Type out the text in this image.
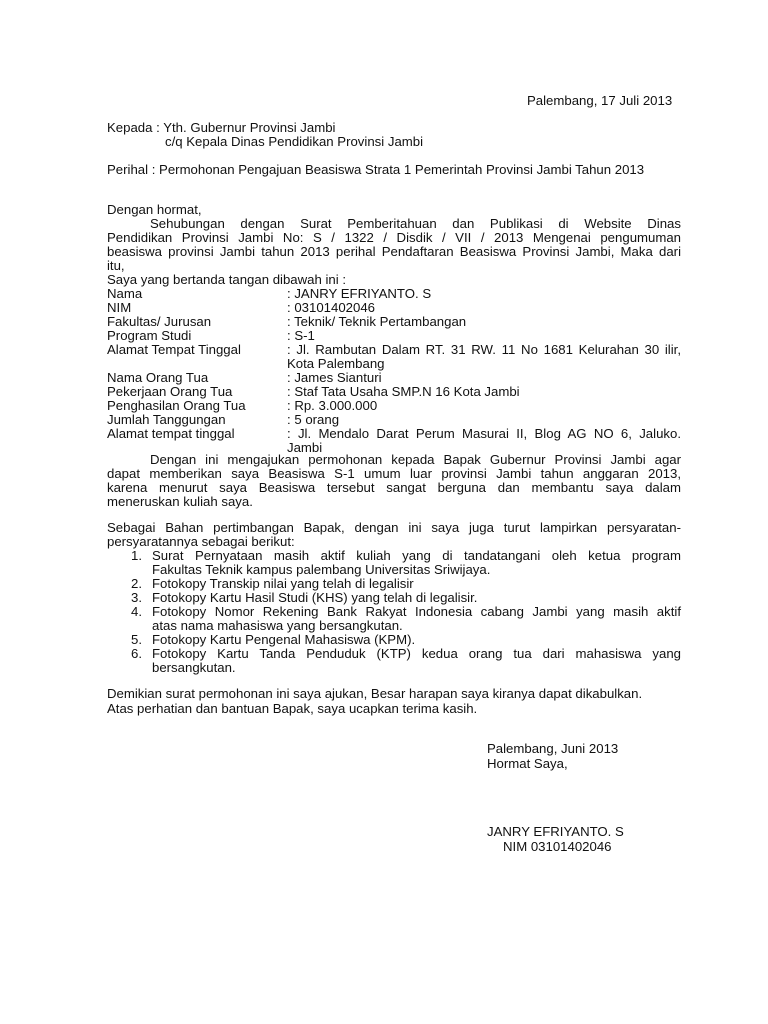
Palembang, 17 Juli 2013
Kepada : Yth. Gubernur Provinsi Jambi
c/q Kepala Dinas Pendidikan Provinsi Jambi
Perihal : Permohonan Pengajuan Beasiswa Strata 1 Pemerintah Provinsi Jambi Tahun 2013
Dengan hormat,
Sehubungan dengan Surat Pemberitahuan dan Publikasi di Website Dinas
Pendidikan Provinsi Jambi No: S / 1322 / Disdik / VII / 2013 Mengenai pengumuman
beasiswa provinsi Jambi tahun 2013 perihal Pendaftaran Beasiswa Provinsi Jambi, Maka dari
itu,
Saya yang bertanda tangan dibawah ini :
Nama	: JANRY EFRIYANTO. S
NIM	: 03101402046
Fakultas/ Jurusan	: Teknik/ Teknik Pertambangan
Program Studi	: S-1
Alamat Tempat Tinggal	: Jl. Rambutan Dalam RT. 31 RW. 11 No 1681 Kelurahan 30 ilir,
Kota Palembang
Nama Orang Tua	: James Sianturi
Pekerjaan Orang Tua	: Staf Tata Usaha SMP.N 16 Kota Jambi
Penghasilan Orang Tua	: Rp. 3.000.000
Jumlah Tanggungan	: 5 orang
Alamat tempat tinggal	: Jl. Mendalo Darat Perum Masurai II, Blog AG NO 6, Jaluko.
Jambi
Dengan ini mengajukan permohonan kepada Bapak Gubernur Provinsi Jambi agar
dapat memberikan saya Beasiswa S-1 umum luar provinsi Jambi tahun anggaran 2013,
karena menurut saya Beasiswa tersebut sangat berguna dan membantu saya dalam
meneruskan kuliah saya.
Sebagai Bahan pertimbangan Bapak, dengan ini saya juga turut lampirkan persyaratan-
persyaratannya sebagai berikut:
1. Surat Pernyataan masih aktif kuliah yang di tandatangani oleh ketua program
Fakultas Teknik kampus palembang Universitas Sriwijaya.
2. Fotokopy Transkip nilai yang telah di legalisir
3. Fotokopy Kartu Hasil Studi (KHS) yang telah di legalisir.
4. Fotokopy Nomor Rekening Bank Rakyat Indonesia cabang Jambi yang masih aktif
atas nama mahasiswa yang bersangkutan.
5. Fotokopy Kartu Pengenal Mahasiswa (KPM).
6. Fotokopy Kartu Tanda Penduduk (KTP) kedua orang tua dari mahasiswa yang
bersangkutan.
Demikian surat permohonan ini saya ajukan, Besar harapan saya kiranya dapat dikabulkan.
Atas perhatian dan bantuan Bapak, saya ucapkan terima kasih.
Palembang, Juni 2013
Hormat Saya,
JANRY EFRIYANTO. S
NIM 03101402046
